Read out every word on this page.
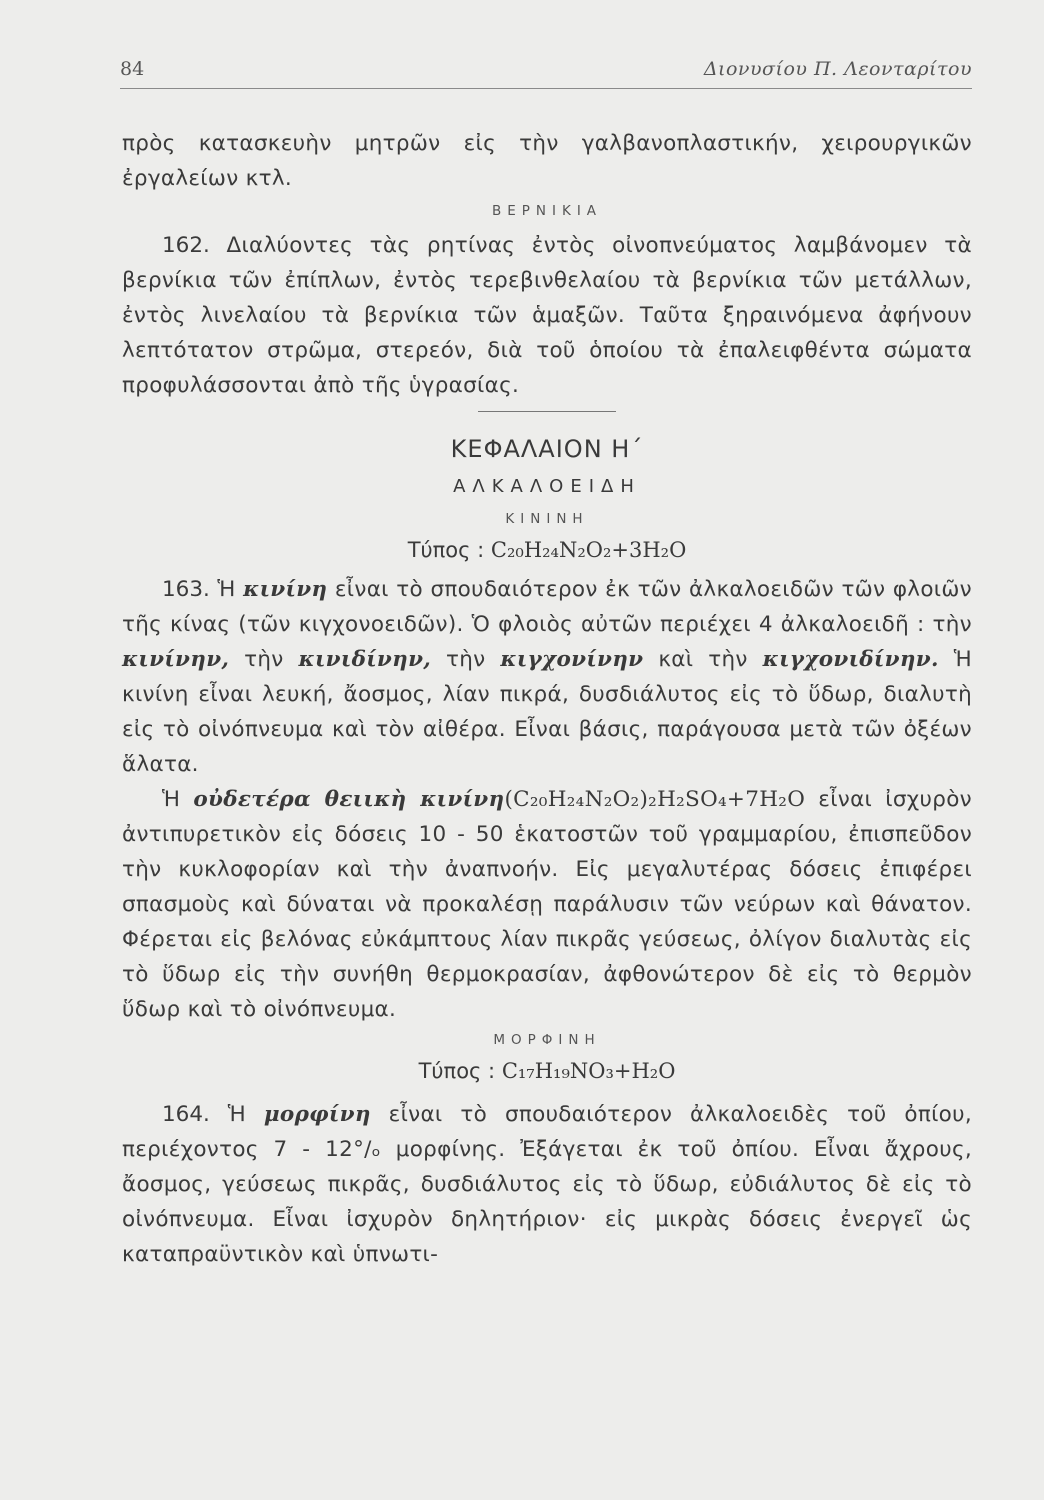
84	Διονυσίου Π. Λεονταρίτου

πρὸς κατασκευὴν μητρῶν εἰς τὴν γαλβανοπλαστικήν, χειρουργικῶν ἐργαλείων κτλ.

ΒΕΡΝΙΚΙΑ

162. Διαλύοντες τὰς ρητίνας ἐντὸς οἰνοπνεύματος λαμβάνομεν τὰ βερνίκια τῶν ἐπίπλων, ἐντὸς τερεβινθελαίου τὰ βερνίκια τῶν μετάλλων, ἐντὸς λινελαίου τὰ βερνίκια τῶν ἁμαξῶν. Ταῦτα ξηραινόμενα ἀφήνουν λεπτότατον στρῶμα, στερεόν, διὰ τοῦ ὁποίου τὰ ἐπαλειφθέντα σώματα προφυλάσσονται ἀπὸ τῆς ὑγρασίας.

ΚΕΦΑΛΑΙΟΝ Η΄

ΑΛΚΑΛΟΕΙΔΗ

ΚΙΝΙΝΗ

Τύπος : C₂₀H₂₄N₂O₂+3H₂O

163. Ἡ κινίνη εἶναι τὸ σπουδαιότερον ἐκ τῶν ἀλκαλοειδῶν τῶν φλοιῶν τῆς κίνας (τῶν κιγχονοειδῶν). Ὁ φλοιὸς αὐτῶν περιέχει 4 ἀλκαλοειδῆ : τὴν κινίνην, τὴν κινιδίνην, τὴν κιγχονίνην καὶ τὴν κιγχονιδίνην. Ἡ κινίνη εἶναι λευκή, ἄοσμος, λίαν πικρά, δυσδιάλυτος εἰς τὸ ὕδωρ, διαλυτὴ εἰς τὸ οἰνόπνευμα καὶ τὸν αἰθέρα. Εἶναι βάσις, παράγουσα μετὰ τῶν ὀξέων ἅλατα.

Ἡ οὐδετέρα θειικὴ κινίνη(C₂₀H₂₄N₂O₂)₂H₂SO₄+7H₂O εἶναι ἰσχυρὸν ἀντιπυρετικὸν εἰς δόσεις 10 - 50 ἑκατοστῶν τοῦ γραμμαρίου, ἐπισπεῦδον τὴν κυκλοφορίαν καὶ τὴν ἀναπνοήν. Εἰς μεγαλυτέρας δόσεις ἐπιφέρει σπασμοὺς καὶ δύναται νὰ προκαλέσῃ παράλυσιν τῶν νεύρων καὶ θάνατον. Φέρεται εἰς βελόνας εὐκάμπτους λίαν πικρᾶς γεύσεως, ὀλίγον διαλυτὰς εἰς τὸ ὕδωρ εἰς τὴν συνήθη θερμοκρασίαν, ἀφθονώτερον δὲ εἰς τὸ θερμὸν ὕδωρ καὶ τὸ οἰνόπνευμα.

ΜΟΡΦΙΝΗ

Τύπος : C₁₇H₁₉NO₃+H₂O

164. Ἡ μορφίνη εἶναι τὸ σπουδαιότερον ἀλκαλοειδὲς τοῦ ὀπίου, περιέχοντος 7 - 12°/ₒ μορφίνης. Ἐξάγεται ἐκ τοῦ ὀπίου. Εἶναι ἄχρους, ἄοσμος, γεύσεως πικρᾶς, δυσδιάλυτος εἰς τὸ ὕδωρ, εὐδιάλυτος δὲ εἰς τὸ οἰνόπνευμα. Εἶναι ἰσχυρὸν δηλητήριον· εἰς μικρὰς δόσεις ἐνεργεῖ ὡς καταπραϋντικὸν καὶ ὑπνωτι-
